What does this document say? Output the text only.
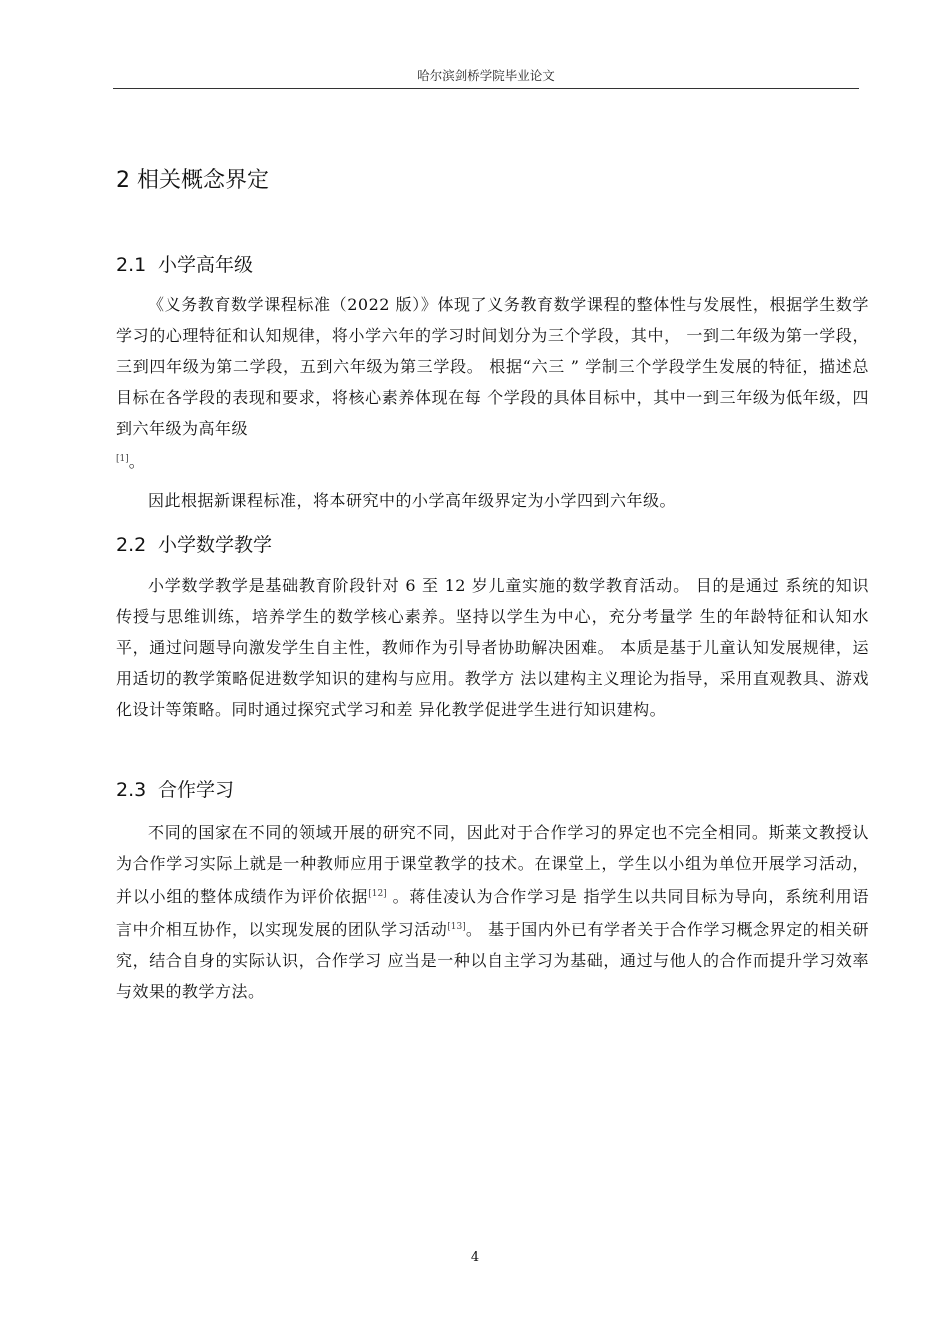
哈尔滨剑桥学院毕业论文
2 相关概念界定
2.1 小学高年级

《义务教育数学课程标准（2022 版）》体现了义务教育数学课程的整体性与发展性，根据学生数学学习的心理特征和认知规律，将小学六年的学习时间划分为三个学段，其中， 一到二年级为第一学段，三到四年级为第二学段，五到六年级为第三学段。 根据“六三 ” 学制三个学段学生发展的特征，描述总目标在各学段的表现和要求，将核心素养体现在每 个学段的具体目标中，其中一到三年级为低年级，四到六年级为高年级
[1]。

因此根据新课程标准，将本研究中的小学高年级界定为小学四到六年级。

2.2 小学数学教学

小学数学教学是基础教育阶段针对 6 至 12 岁儿童实施的数学教育活动。 目的是通过 系统的知识传授与思维训练，培养学生的数学核心素养。坚持以学生为中心，充分考量学 生的年龄特征和认知水平，通过问题导向激发学生自主性，教师作为引导者协助解决困难。 本质是基于儿童认知发展规律，运用适切的教学策略促进数学知识的建构与应用。教学方 法以建构主义理论为指导，采用直观教具、游戏化设计等策略。同时通过探究式学习和差 异化教学促进学生进行知识建构。

2.3 合作学习

不同的国家在不同的领域开展的研究不同，因此对于合作学习的界定也不完全相同。斯莱文教授认为合作学习实际上就是一种教师应用于课堂教学的技术。在课堂上，学生以小组为单位开展学习活动，并以小组的整体成绩作为评价依据[12] 。蒋佳凌认为合作学习是 指学生以共同目标为导向，系统利用语言中介相互协作，以实现发展的团队学习活动[13]。 基于国内外已有学者关于合作学习概念界定的相关研究，结合自身的实际认识，合作学习 应当是一种以自主学习为基础，通过与他人的合作而提升学习效率与效果的教学方法。

4
